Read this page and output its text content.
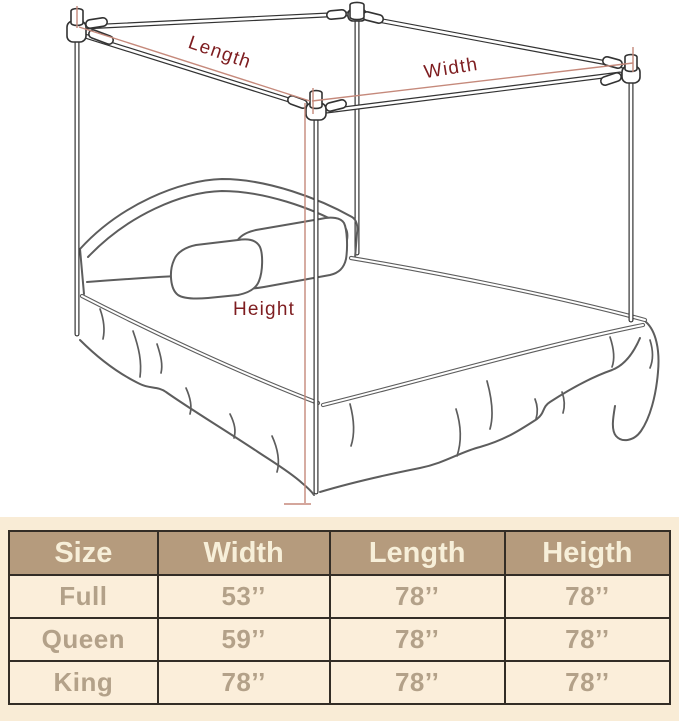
Length	Width
Height
Size	Width	Length	Heigth
Full	53’’	78’’	78’’
Queen	59’’	78’’	78’’
King	78’’	78’’	78’’
